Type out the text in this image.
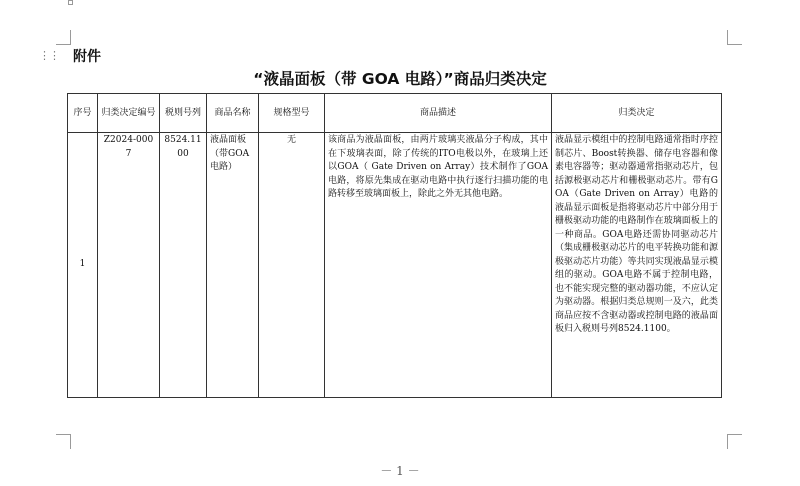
⋮⋮ 附件
“液晶面板（带 GOA 电路）”商品归类决定
序号	归类决定编号	税则号列	商品名称	规格型号	商品描述	归类决定
1	Z2024-0007	8524.1100	液晶面板（带GOA电路）	无	该商品为液晶面板，由两片玻璃夹液晶分子构成，其中在下玻璃表面，除了传统的ITO电极以外，在玻璃上还以GOA（ Gate Driven on Array）技术制作了GOA电路，将原先集成在驱动电路中执行逐行扫描功能的电路转移至玻璃面板上，除此之外无其他电路。	液晶显示模组中的控制电路通常指时序控制芯片、Boost转换器、储存电容器和像素电容器等；驱动器通常指驱动芯片，包括源极驱动芯片和栅极驱动芯片。带有GOA（Gate Driven on Array）电路的液晶显示面板是指将驱动芯片中部分用于栅极驱动功能的电路制作在玻璃面板上的一种商品。GOA电路还需协同驱动芯片（集成栅极驱动芯片的电平转换功能和源极驱动芯片功能）等共同实现液晶显示模组的驱动。GOA电路不属于控制电路，也不能实现完整的驱动器功能，不应认定为驱动器。根据归类总规则一及六，此类商品应按不含驱动器或控制电路的液晶面板归入税则号列8524.1100。
－ 1 －
